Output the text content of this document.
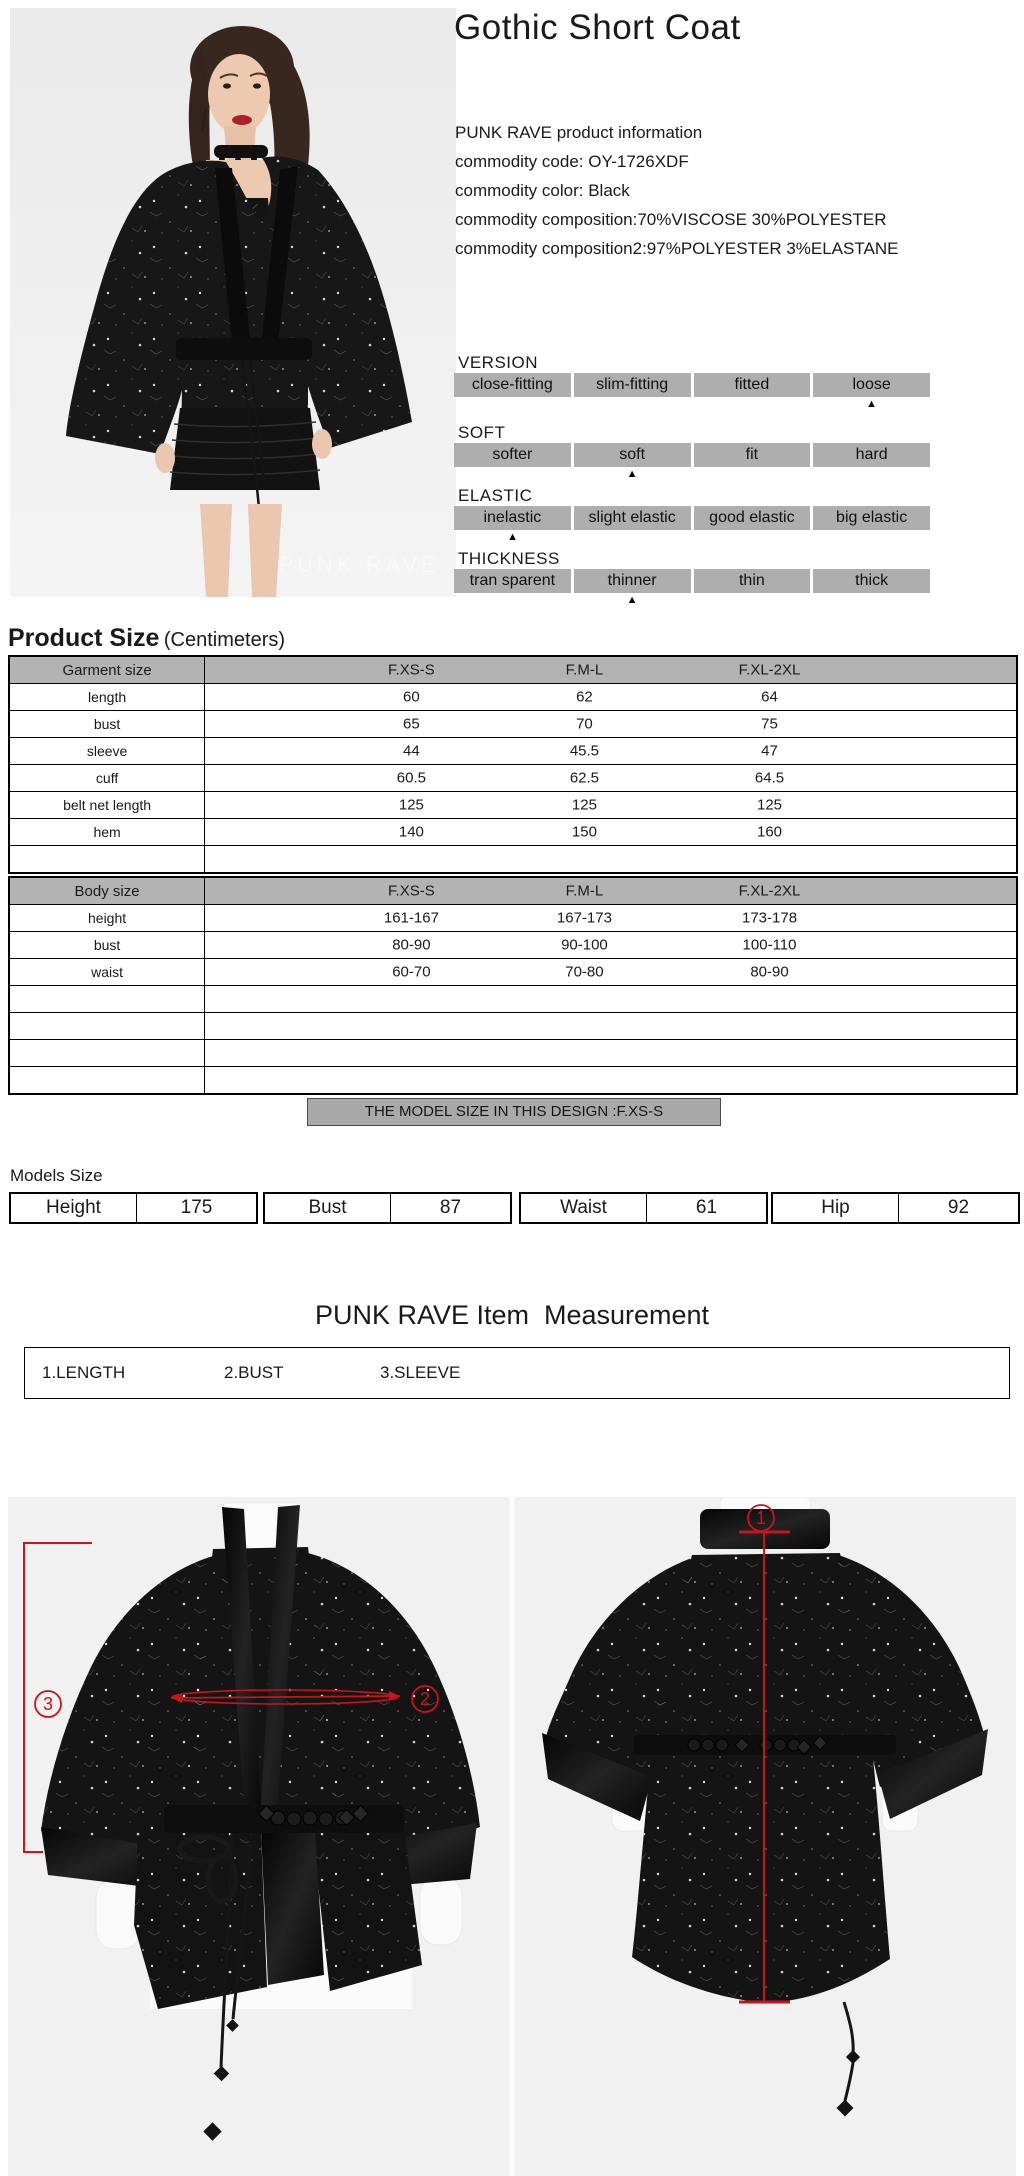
PUNK RAVE
Gothic Short Coat
PUNK RAVE product information
commodity code: OY-1726XDF
commodity color: Black
commodity composition:70%VISCOSE 30%POLYESTER
commodity composition2:97%POLYESTER 3%ELASTANE
VERSION
close-fitting	slim-fitting	fitted	loose
▲
SOFT
softer	soft	fit	hard
▲
ELASTIC
inelastic	slight elastic	good elastic	big elastic
▲
THICKNESS
tran sparent	thinner	thin	thick
▲
Product Size (Centimeters)
Garment size	F.XS-S	F.M-L	F.XL-2XL
length	60	62	64
bust	65	70	75
sleeve	44	45.5	47
cuff	60.5	62.5	64.5
belt net length	125	125	125
hem	140	150	160
Body size	F.XS-S	F.M-L	F.XL-2XL
height	161-167	167-173	173-178
bust	80-90	90-100	100-110
waist	60-70	70-80	80-90
THE MODEL SIZE IN THIS DESIGN :F.XS-S
Models Size
Height	175	Bust	87	Waist	61	Hip	92
PUNK RAVE Item  Measurement
1.LENGTH	2.BUST	3.SLEEVE
3	2
1
